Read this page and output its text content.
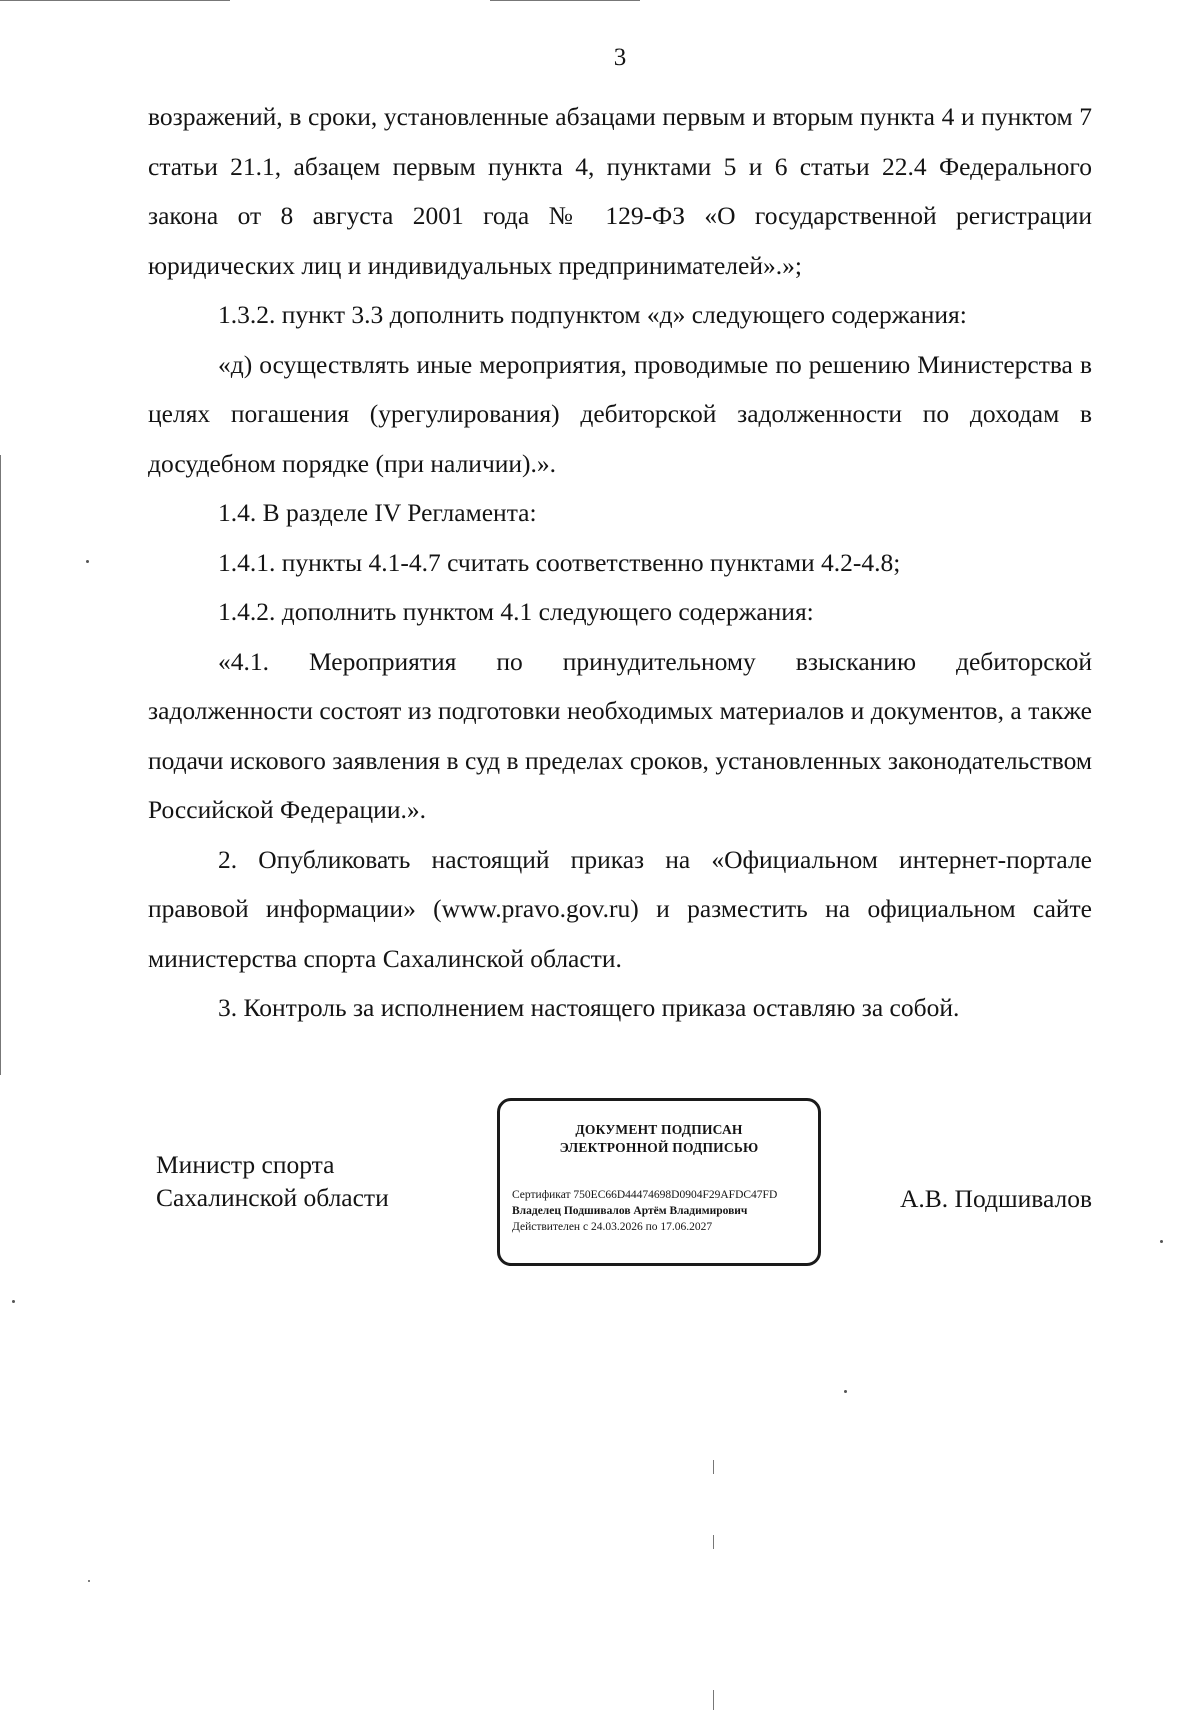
3

возражений, в сроки, установленные абзацами первым и вторым пункта 4 и пунктом 7 статьи 21.1, абзацем первым пункта 4, пунктами 5 и 6 статьи 22.4 Федерального закона от 8 августа 2001 года № 129-ФЗ «О государственной регистрации юридических лиц и индивидуальных предпринимателей».»;

1.3.2. пункт 3.3 дополнить подпунктом «д» следующего содержания:

«д) осуществлять иные мероприятия, проводимые по решению Министерства в целях погашения (урегулирования) дебиторской задолженности по доходам в досудебном порядке (при наличии).».

1.4. В разделе IV Регламента:

1.4.1. пункты 4.1-4.7 считать соответственно пунктами 4.2-4.8;

1.4.2. дополнить пунктом 4.1 следующего содержания:

«4.1. Мероприятия по принудительному взысканию дебиторской задолженности состоят из подготовки необходимых материалов и документов, а также подачи искового заявления в суд в пределах сроков, установленных законодательством Российской Федерации.».

2. Опубликовать настоящий приказ на «Официальном интернет-портале правовой информации» (www.pravo.gov.ru) и разместить на официальном сайте министерства спорта Сахалинской области.

3. Контроль за исполнением настоящего приказа оставляю за собой.

Министр спорта
Сахалинской области
ДОКУМЕНТ ПОДПИСАН
ЭЛЕКТРОННОЙ ПОДПИСЬЮ
Сертификат 750EC66D44474698D0904F29AFDC47FD
Владелец Подшивалов Артём Владимирович
Действителен с 24.03.2026 по 17.06.2027
А.В. Подшивалов
